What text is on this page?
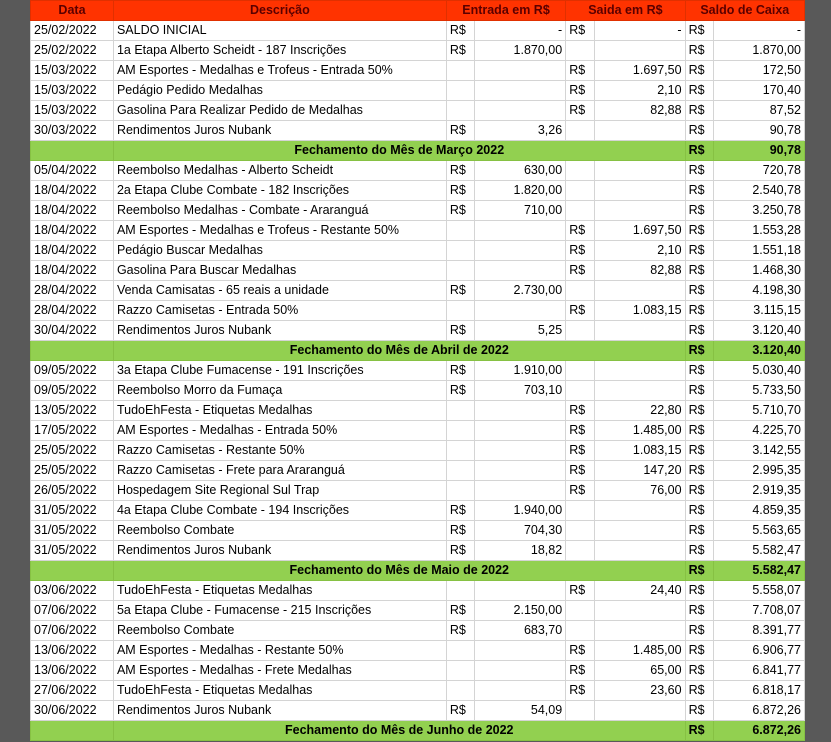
Data	Descrição	Entrada em R$		Saida em R$		Saldo de Caixa	
25/02/2022	SALDO INICIAL	R$	-	R$	-	R$	-
25/02/2022	1a Etapa Alberto Scheidt - 187 Inscrições	R$	1.870,00			R$	1.870,00
15/03/2022	AM Esportes - Medalhas e Trofeus - Entrada 50%			R$	1.697,50	R$	172,50
15/03/2022	Pedágio Pedido Medalhas			R$	2,10	R$	170,40
15/03/2022	Gasolina Para Realizar Pedido de Medalhas			R$	82,88	R$	87,52
30/03/2022	Rendimentos Juros Nubank	R$	3,26			R$	90,78
	Fechamento do Mês de Março 2022					R$	90,78
05/04/2022	Reembolso Medalhas - Alberto Scheidt	R$	630,00			R$	720,78
18/04/2022	2a Etapa Clube Combate - 182 Inscrições	R$	1.820,00			R$	2.540,78
18/04/2022	Reembolso Medalhas - Combate - Araranguá	R$	710,00			R$	3.250,78
18/04/2022	AM Esportes - Medalhas e Trofeus - Restante 50%			R$	1.697,50	R$	1.553,28
18/04/2022	Pedágio Buscar Medalhas			R$	2,10	R$	1.551,18
18/04/2022	Gasolina Para Buscar Medalhas			R$	82,88	R$	1.468,30
28/04/2022	Venda Camisatas - 65 reais a unidade	R$	2.730,00			R$	4.198,30
28/04/2022	Razzo Camisetas - Entrada 50%			R$	1.083,15	R$	3.115,15
30/04/2022	Rendimentos Juros Nubank	R$	5,25			R$	3.120,40
	Fechamento do Mês de Abril de 2022					R$	3.120,40
09/05/2022	3a Etapa Clube Fumacense - 191 Inscrições	R$	1.910,00			R$	5.030,40
09/05/2022	Reembolso Morro da Fumaça	R$	703,10			R$	5.733,50
13/05/2022	TudoEhFesta - Etiquetas Medalhas			R$	22,80	R$	5.710,70
17/05/2022	AM Esportes - Medalhas - Entrada 50%			R$	1.485,00	R$	4.225,70
25/05/2022	Razzo Camisetas - Restante 50%			R$	1.083,15	R$	3.142,55
25/05/2022	Razzo Camisetas - Frete para Araranguá			R$	147,20	R$	2.995,35
26/05/2022	Hospedagem Site Regional Sul Trap			R$	76,00	R$	2.919,35
31/05/2022	4a Etapa Clube Combate - 194 Inscrições	R$	1.940,00			R$	4.859,35
31/05/2022	Reembolso Combate	R$	704,30			R$	5.563,65
31/05/2022	Rendimentos Juros Nubank	R$	18,82			R$	5.582,47
	Fechamento do Mês de Maio de 2022					R$	5.582,47
03/06/2022	TudoEhFesta - Etiquetas Medalhas			R$	24,40	R$	5.558,07
07/06/2022	5a Etapa Clube - Fumacense - 215 Inscrições	R$	2.150,00			R$	7.708,07
07/06/2022	Reembolso Combate	R$	683,70			R$	8.391,77
13/06/2022	AM Esportes - Medalhas - Restante 50%			R$	1.485,00	R$	6.906,77
13/06/2022	AM Esportes - Medalhas - Frete Medalhas			R$	65,00	R$	6.841,77
27/06/2022	TudoEhFesta - Etiquetas Medalhas			R$	23,60	R$	6.818,17
30/06/2022	Rendimentos Juros Nubank	R$	54,09			R$	6.872,26
	Fechamento do Mês de Junho de 2022					R$	6.872,26
